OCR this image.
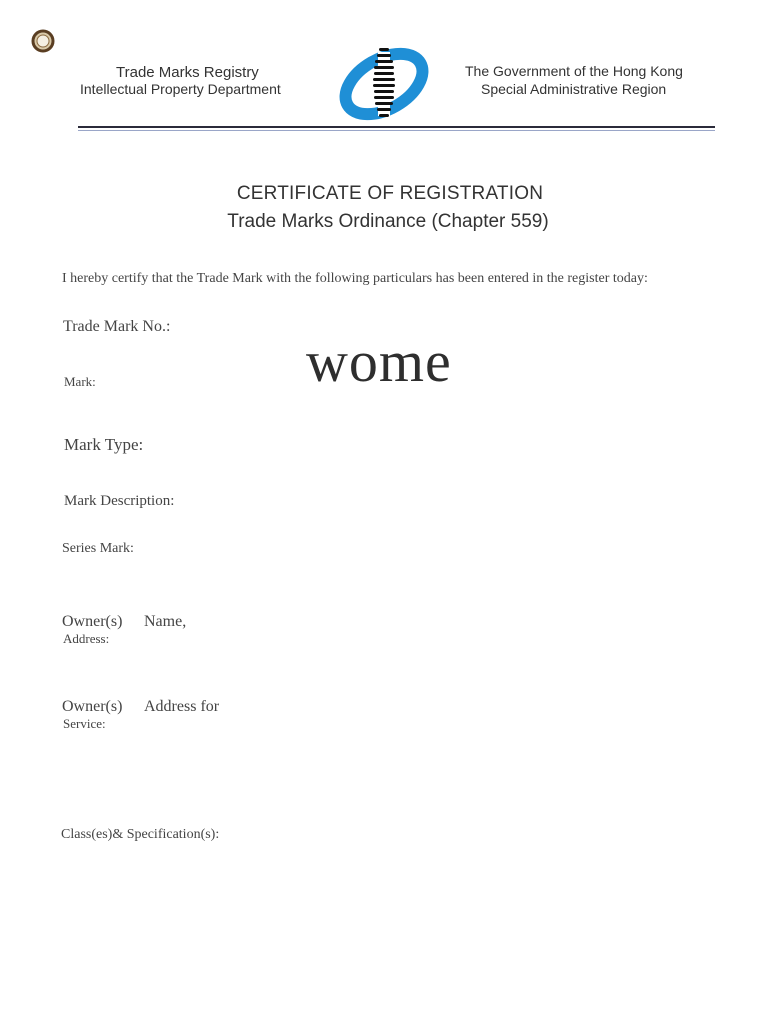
Trade Marks Registry
Intellectual Property Department
The Government of the Hong Kong
Special Administrative Region
CERTIFICATE OF REGISTRATION
Trade Marks Ordinance (Chapter 559)
I hereby certify that the Trade Mark with the following particulars has been entered in the register today:
Trade Mark No.:
Mark:	wome
Mark Type:
Mark Description:
Series Mark:
Owner(s) Name,
Address:
Owner(s) Address for
Service:
Class(es)& Specification(s):
